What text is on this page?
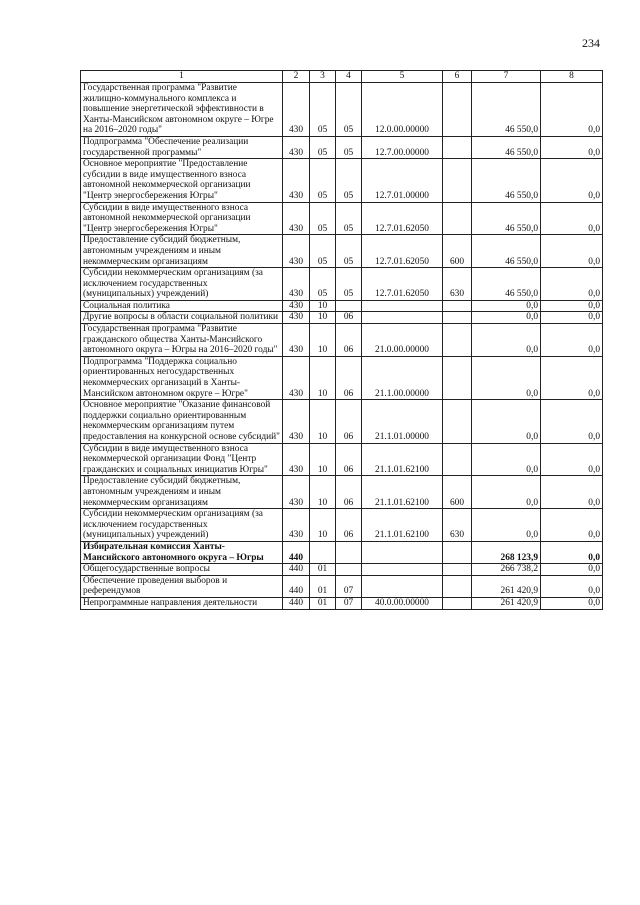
234
1	2	3	4	5	6	7	8
Государственная программа "Развитие жилищно-коммунального комплекса и повышение энергетической эффективности в Ханты-Мансийском автономном округе – Югре на 2016–2020 годы"	430	05	05	12.0.00.00000		46 550,0	0,0
Подпрограмма "Обеспечение реализации государственной программы"	430	05	05	12.7.00.00000		46 550,0	0,0
Основное мероприятие "Предоставление субсидии в виде имущественного взноса автономной некоммерческой организации "Центр энергосбережения Югры"	430	05	05	12.7.01.00000		46 550,0	0,0
Субсидии в виде имущественного взноса автономной некоммерческой организации "Центр энергосбережения Югры"	430	05	05	12.7.01.62050		46 550,0	0,0
Предоставление субсидий бюджетным, автономным учреждениям и иным некоммерческим организациям	430	05	05	12.7.01.62050	600	46 550,0	0,0
Субсидии некоммерческим организациям (за исключением государственных (муниципальных) учреждений)	430	05	05	12.7.01.62050	630	46 550,0	0,0
Социальная политика	430	10				0,0	0,0
Другие вопросы в области социальной политики	430	10	06			0,0	0,0
Государственная программа "Развитие гражданского общества Ханты-Мансийского автономного округа – Югры на 2016–2020 годы"	430	10	06	21.0.00.00000		0,0	0,0
Подпрограмма "Поддержка социально ориентированных негосударственных некоммерческих организаций в Ханты-Мансийском автономном округе – Югре"	430	10	06	21.1.00.00000		0,0	0,0
Основное мероприятие "Оказание финансовой поддержки социально ориентированным некоммерческим организациям путем предоставления на конкурсной основе субсидий"	430	10	06	21.1.01.00000		0,0	0,0
Субсидии в виде имущественного взноса некоммерческой организации Фонд "Центр гражданских и социальных инициатив Югры"	430	10	06	21.1.01.62100		0,0	0,0
Предоставление субсидий бюджетным, автономным учреждениям и иным некоммерческим организациям	430	10	06	21.1.01.62100	600	0,0	0,0
Субсидии некоммерческим организациям (за исключением государственных (муниципальных) учреждений)	430	10	06	21.1.01.62100	630	0,0	0,0
Избирательная комиссия Ханты-Мансийского автономного округа – Югры	440					268 123,9	0,0
Общегосударственные вопросы	440	01				266 738,2	0,0
Обеспечение проведения выборов и референдумов	440	01	07			261 420,9	0,0
Непрограммные направления деятельности	440	01	07	40.0.00.00000		261 420,9	0,0
